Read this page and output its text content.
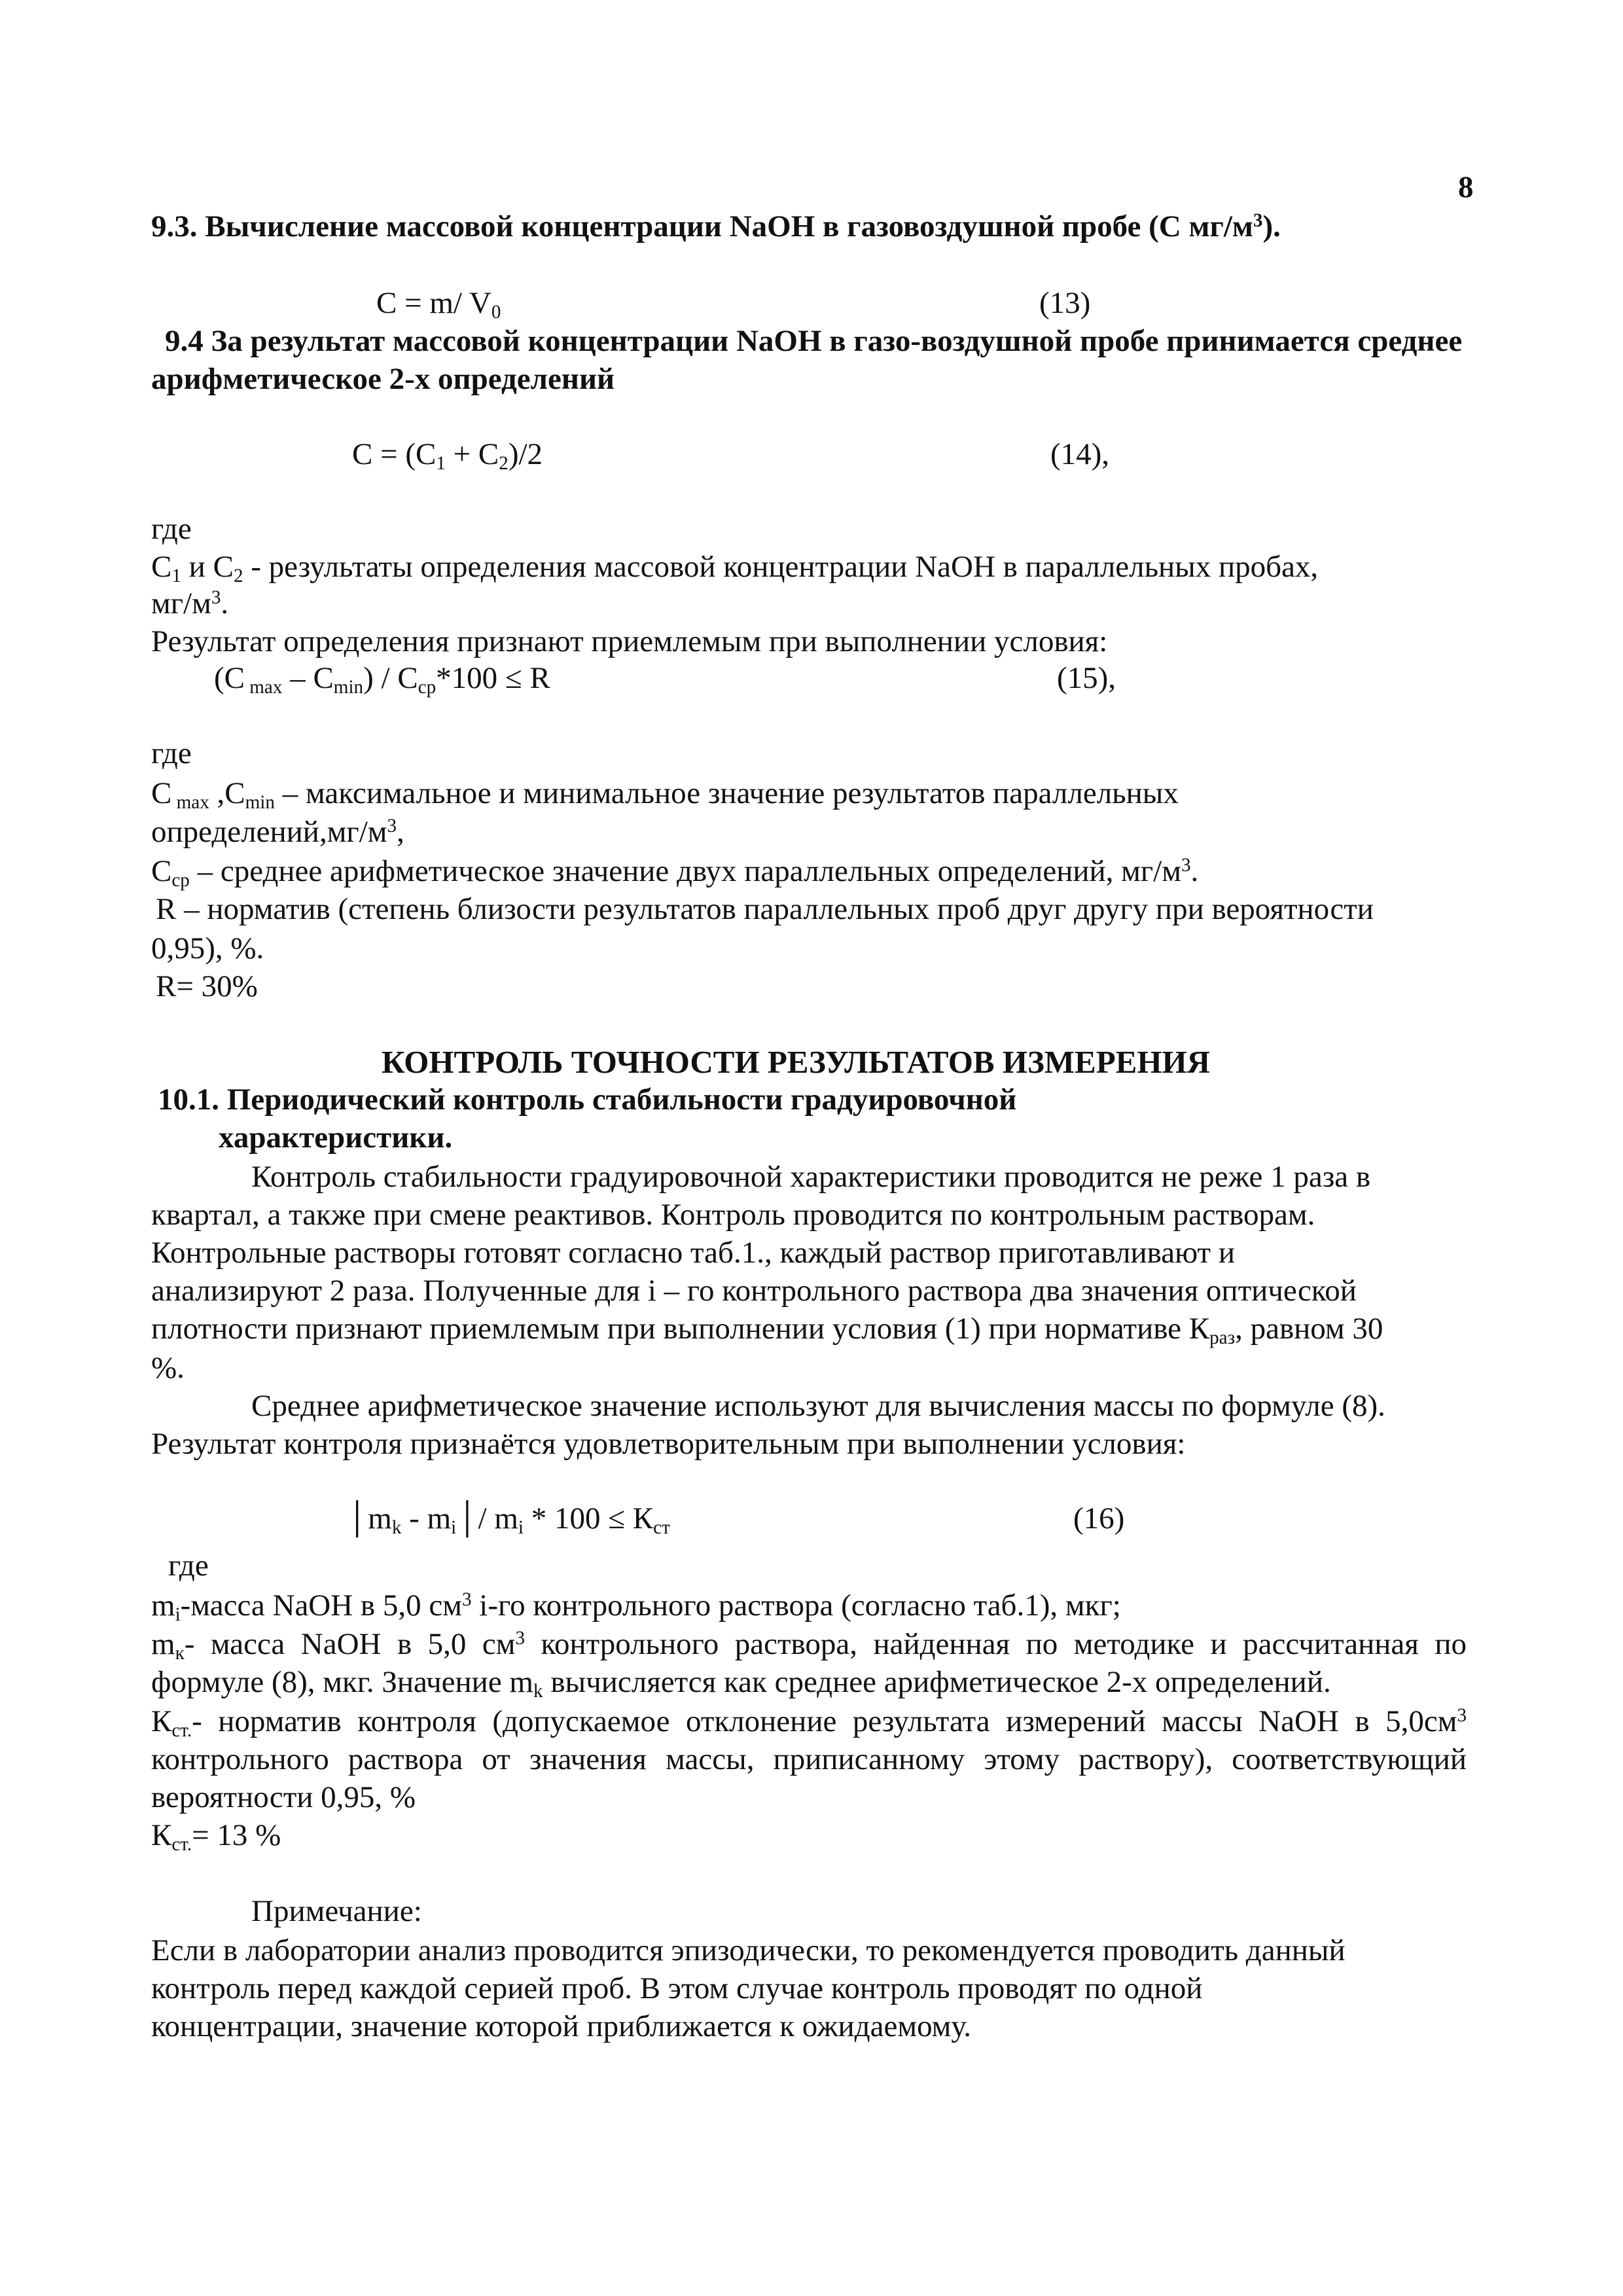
8
9.3. Вычисление массовой концентрации NaOH в газовоздушной пробе (С $мг/м^3$).
С = m/ $V_0$	(13)
9.4 За результат массовой концентрации NaOH в газо-воздушной пробе принимается среднее
арифметическое 2-х определений
$С = (С_1 + С_2)/2$	(14),
где
$С_1$ и $С_2$ - результаты определения массовой концентрации NaOH в параллельных пробах,
$мг/м^3$.
Результат определения признают приемлемым при выполнении условия:
(С $_{max} - С_{min}) / С_{ср}*100 \le R$	(15),
где
С $_{max}$ $,С_{min}$ – максимальное и минимальное значение результатов параллельных
$определений,мг/м^3$,
$С_{ср}$ – среднее арифметическое значение двух параллельных определений, $мг/м^3$.
R – норматив (степень близости результатов параллельных проб друг другу при вероятности
0,95), %.
R= 30%
КОНТРОЛЬ ТОЧНОСТИ РЕЗУЛЬТАТОВ ИЗМЕРЕНИЯ
10.1. Периодический контроль стабильности градуировочной
характеристики.
Контроль стабильности градуировочной характеристики проводится не реже 1 раза в
квартал, а также при смене реактивов. Контроль проводится по контрольным растворам.
Контрольные растворы готовят согласно таб.1., каждый раствор приготавливают и
анализируют 2 раза. Полученные для i – го контрольного раствора два значения оптической
плотности признают приемлемым при выполнении условия (1) при нормативе $К_{раз}$, равном 30
%.
Среднее арифметическое значение используют для вычисления массы по формуле (8).
Результат контроля признаётся удовлетворительным при выполнении условия:
$│m_k$ - $m_i│/$ $m_i * 100 \le К_{ст}$	(16)
где
$m_i$-масса NaOH в 5,0 $см^3$ i-го контрольного раствора (согласно таб.1), мкг;
$m_к-$ масса NaOH в 5,0 $см^3$ контрольного раствора, найденная по методике и рассчитанная по
формуле (8), мкг. Значение $m_k$ вычисляется как среднее арифметическое 2-х определений.
$К_{ст.}-$ норматив контроля (допускаемое отклонение результата измерений массы NaOH в $5,0см^3$
контрольного раствора от значения массы, приписанному этому раствору), соответствующий
вероятности 0,95, %
$К_{ст.}= 13$ %
Примечание:
Если в лаборатории анализ проводится эпизодически, то рекомендуется проводить данный
контроль перед каждой серией проб. В этом случае контроль проводят по одной
концентрации, значение которой приближается к ожидаемому.
